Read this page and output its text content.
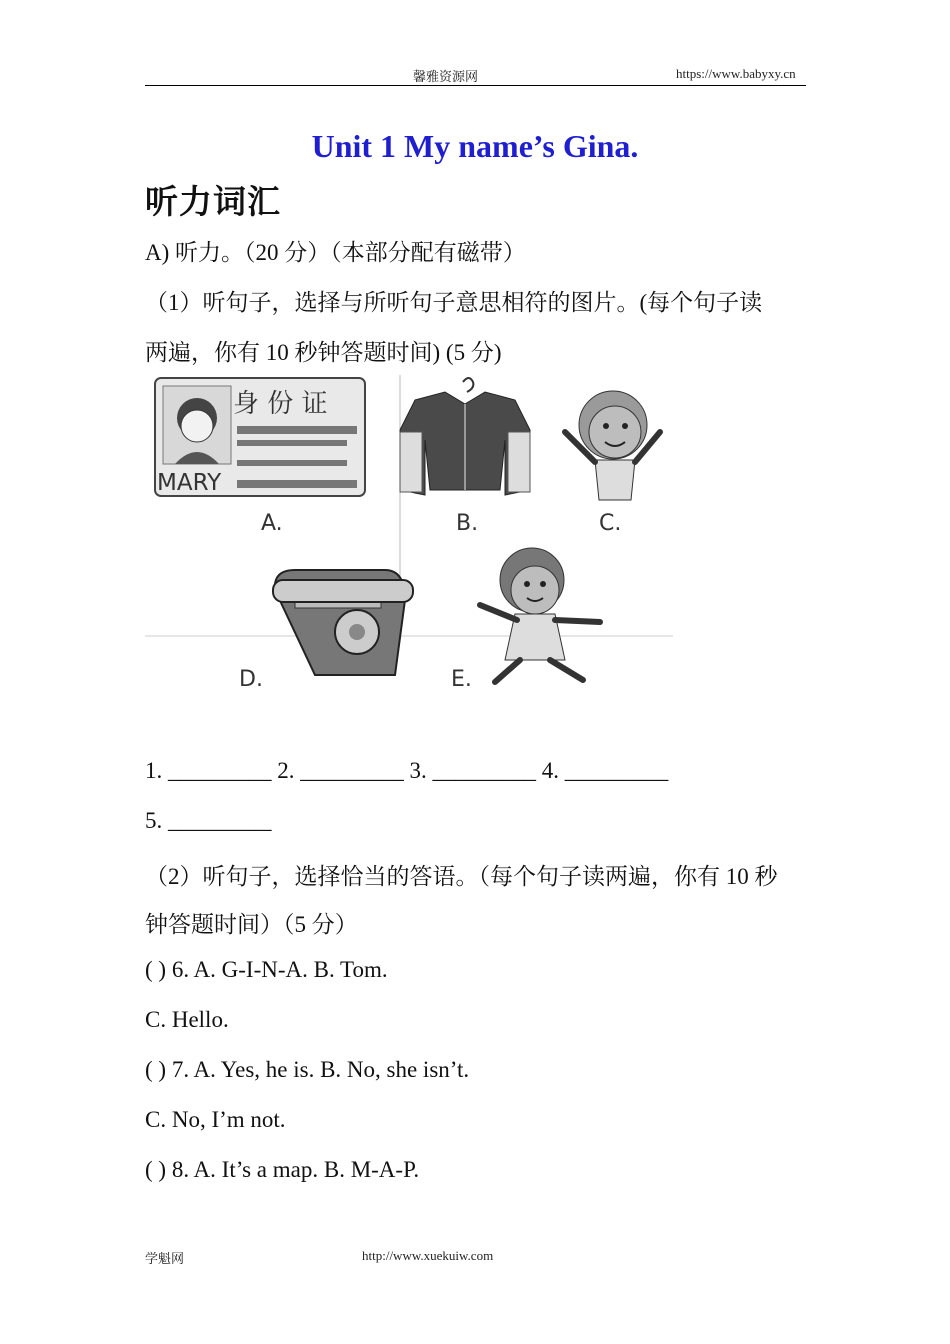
馨雅资源网	https://www.babyxy.cn
Unit 1 My name’s Gina.
听力词汇
A) 听力。（20 分）（本部分配有磁带）
（1）听句子，选择与所听句子意思相符的图片。(每个句子读
两遍，你有 10 秒钟答题时间) (5 分)
身 份 证
MARY
A.	B.	C.
D.	E.
1. _________ 2. _________ 3. _________ 4. _________
5. _________
（2）听句子，选择恰当的答语。（每个句子读两遍，你有 10 秒
钟答题时间）（5 分）
( ) 6. A. G-I-N-A. B. Tom.
C. Hello.
( ) 7. A. Yes, he is. B. No, she isn’t.
C. No, I’m not.
( ) 8. A. It’s a map. B. M-A-P.
学魁网	http://www.xuekuiw.com
